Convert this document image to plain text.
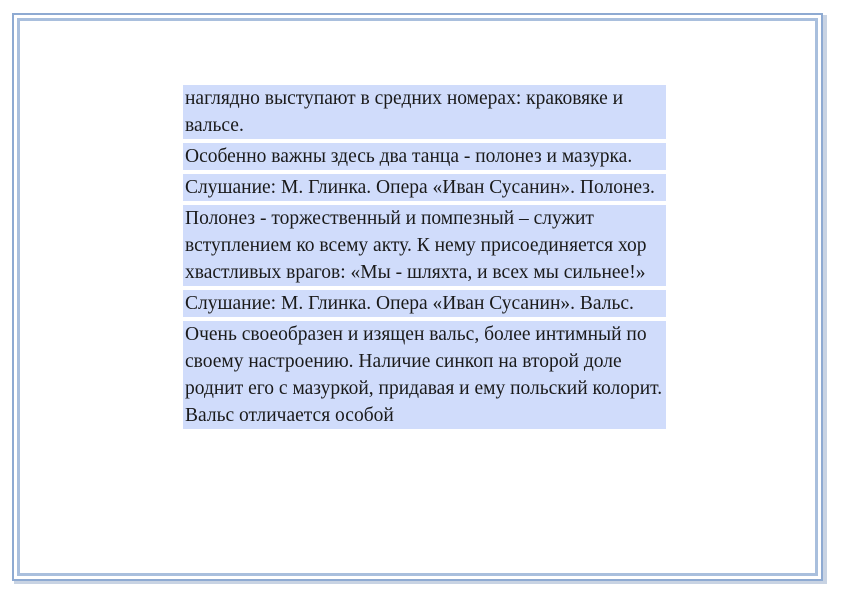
наглядно выступают в средних номерах: краковяке и вальсе.

Особенно важны здесь два танца - полонез и мазурка.

Слушание: М. Глинка. Опера «Иван Сусанин». Полонез.

Полонез - торжественный и помпезный – служит вступлением ко всему акту. К нему присоединяется хор хвастливых врагов: «Мы - шляхта, и всех мы сильнее!»

Слушание: М. Глинка. Опера «Иван Сусанин». Вальс.

Очень своеобразен и изящен вальс, более интимный по своему настроению. Наличие синкоп на второй доле роднит его с мазуркой, придавая и ему польский колорит. Вальс отличается особой
